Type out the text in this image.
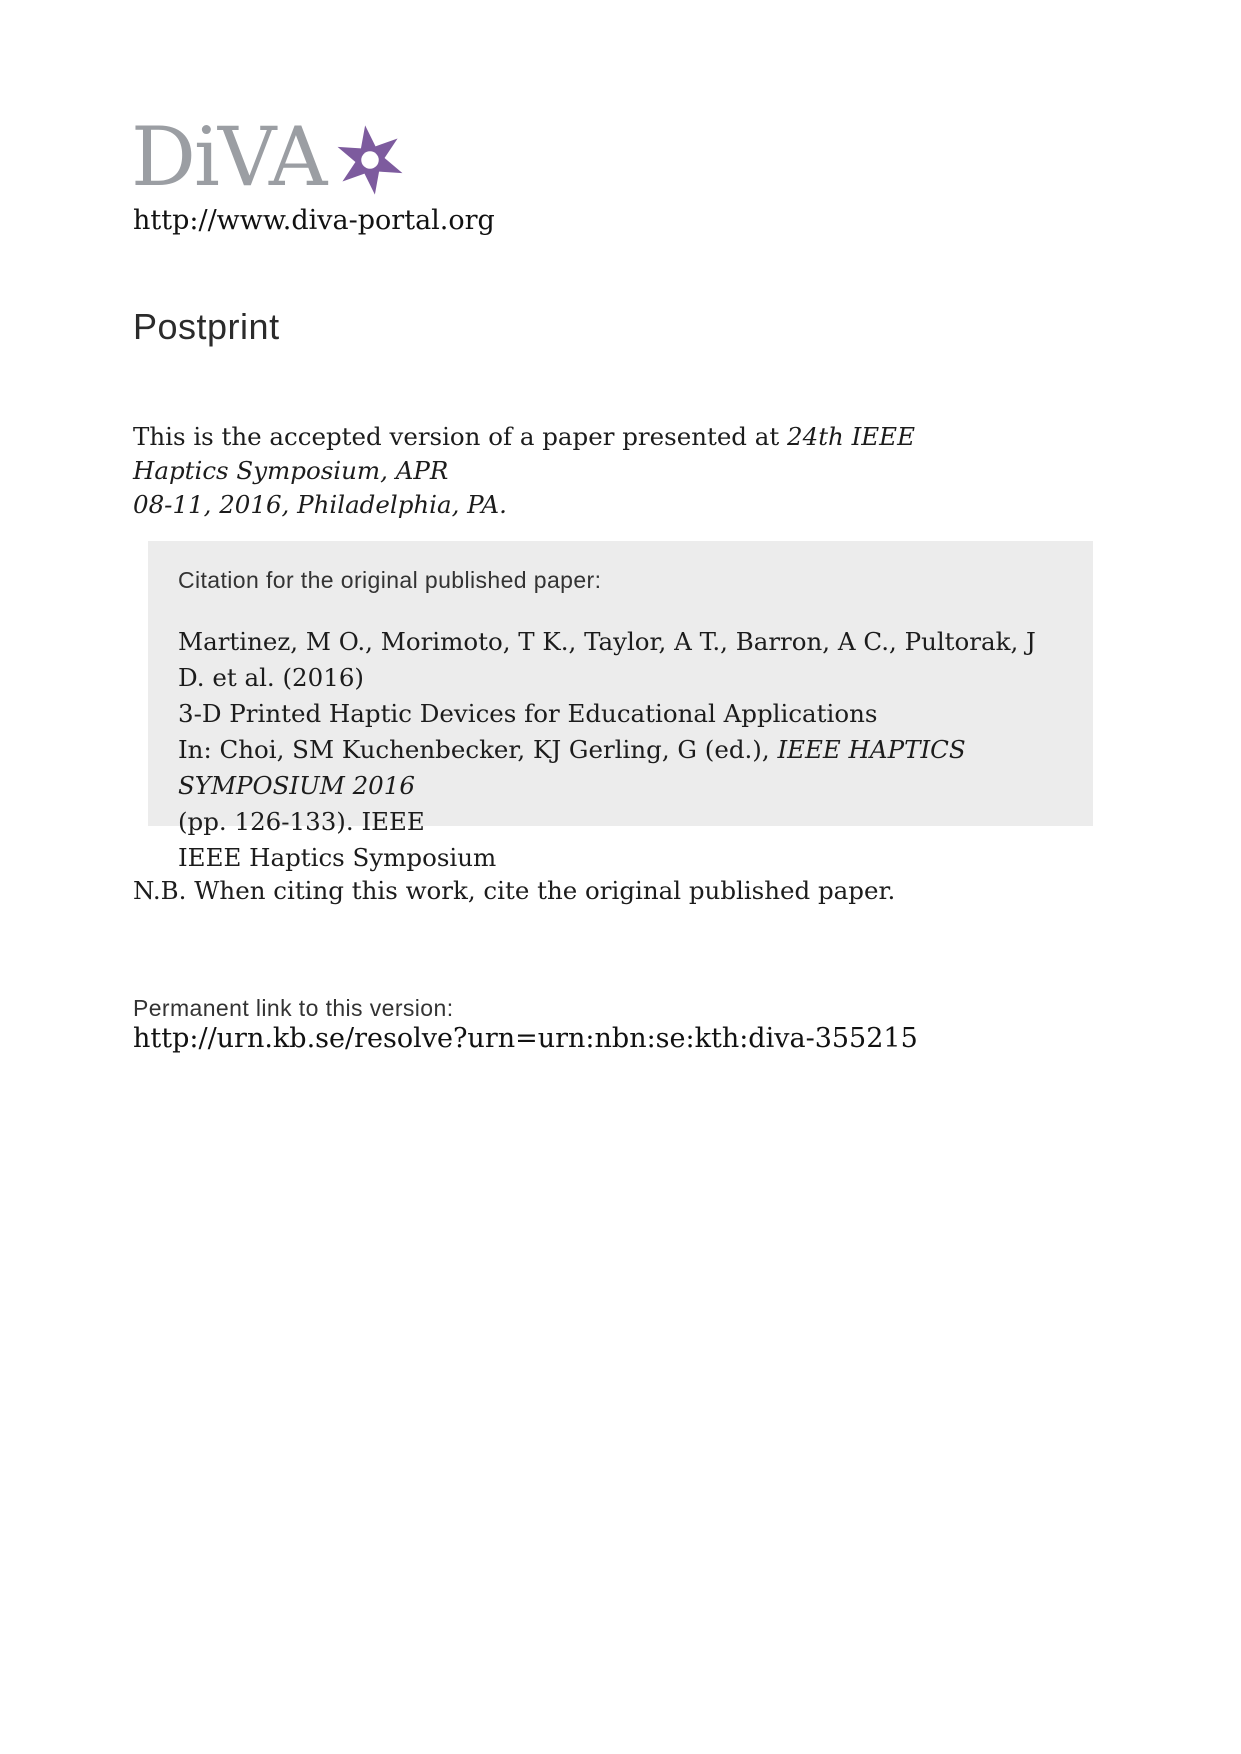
DiVA
http://www.diva-portal.org
Postprint

This is the accepted version of a paper presented at 24th IEEE Haptics Symposium, APR
08-11, 2016, Philadelphia, PA.

Citation for the original published paper:
Martinez, M O., Morimoto, T K., Taylor, A T., Barron, A C., Pultorak, J D. et al. (2016)
3-D Printed Haptic Devices for Educational Applications
In: Choi, SM Kuchenbecker, KJ Gerling, G (ed.), IEEE HAPTICS SYMPOSIUM 2016
(pp. 126-133). IEEE
IEEE Haptics Symposium

N.B. When citing this work, cite the original published paper.

Permanent link to this version:
http://urn.kb.se/resolve?urn=urn:nbn:se:kth:diva-355215
